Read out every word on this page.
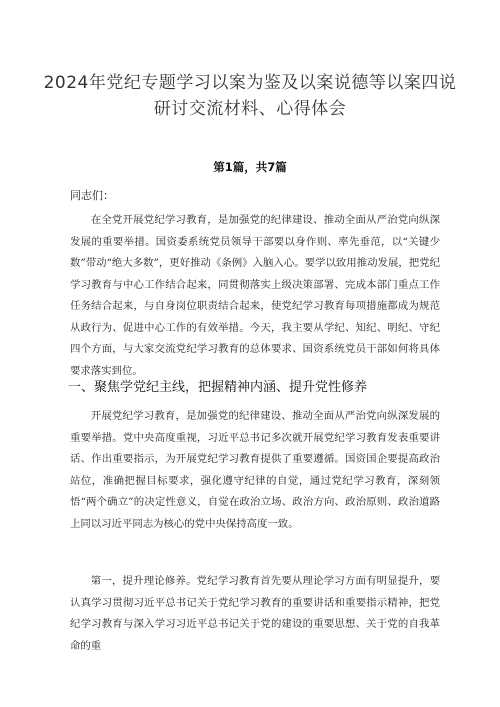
2024年党纪专题学习以案为鉴及以案说德等以案四说研讨交流材料、心得体会
第1篇，共7篇
同志们：

在全党开展党纪学习教育，是加强党的纪律建设、推动全面从严治党向纵深发展的重要举措。国资委系统党员领导干部要以身作则、率先垂范，以“关键少数”带动“绝大多数”，更好推动《条例》入脑入心。要学以致用推动发展，把党纪学习教育与中心工作结合起来，同贯彻落实上级决策部署、完成本部门重点工作任务结合起来，与自身岗位职责结合起来，使党纪学习教育每项措施都成为规范从政行为、促进中心工作的有效举措。今天，我主要从学纪、知纪、明纪、守纪四个方面，与大家交流党纪学习教育的总体要求、国资系统党员干部如何将具体要求落实到位。

一、聚焦学党纪主线，把握精神内涵、提升党性修养

开展党纪学习教育，是加强党的纪律建设、推动全面从严治党向纵深发展的重要举措。党中央高度重视，习近平总书记多次就开展党纪学习教育发表重要讲话、作出重要指示，为开展党纪学习教育提供了重要遵循。国资国企要提高政治站位，准确把握目标要求，强化遵守纪律的自觉，通过党纪学习教育，深刻领悟“两个确立”的决定性意义，自觉在政治立场、政治方向、政治原则、政治道路上同以习近平同志为核心的党中央保持高度一致。

第一，提升理论修养。党纪学习教育首先要从理论学习方面有明显提升，要认真学习贯彻习近平总书记关于党纪学习教育的重要讲话和重要指示精神，把党纪学习教育与深入学习习近平总书记关于党的建设的重要思想、关于党的自我革命的重
